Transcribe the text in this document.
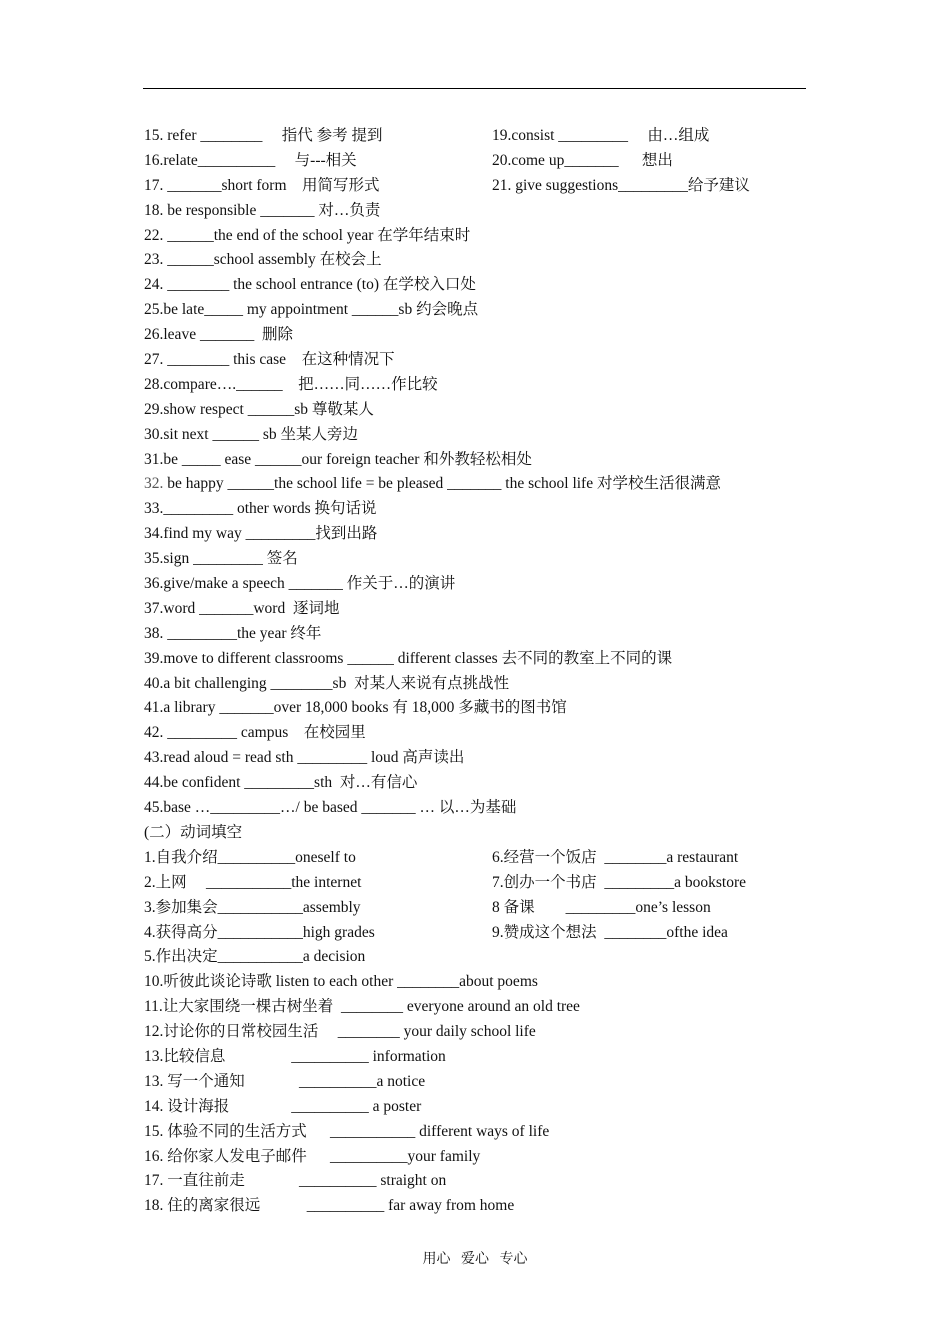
15. refer ________     指代 参考 提到	19.consist _________     由…组成
16.relate__________     与---相关	20.come up_______      想出
17. _______short form    用简写形式	21. give suggestions_________给予建议
18. be responsible _______ 对…负责
22. ______the end of the school year 在学年结束时
23. ______school assembly 在校会上
24. ________ the school entrance (to) 在学校入口处
25.be late_____ my appointment ______sb 约会晚点
26.leave _______  删除
27. ________ this case    在这种情况下
28.compare….______    把……同……作比较
29.show respect ______sb 尊敬某人
30.sit next ______ sb 坐某人旁边
31.be _____ ease ______our foreign teacher 和外教轻松相处
32. be happy ______the school life = be pleased _______ the school life 对学校生活很满意
33._________ other words 换句话说
34.find my way _________找到出路
35.sign _________ 签名
36.give/make a speech _______ 作关于…的演讲
37.word _______word  逐词地
38. _________the year 终年
39.move to different classrooms ______ different classes 去不同的教室上不同的课
40.a bit challenging ________sb  对某人来说有点挑战性
41.a library _______over 18,000 books 有 18,000 多藏书的图书馆
42. _________ campus    在校园里
43.read aloud = read sth _________ loud 高声读出
44.be confident _________sth  对…有信心
45.base …_________…/ be based _______ … 以…为基础
(二）动词填空
1.自我介绍__________oneself to	6.经营一个饭店  ________a restaurant
2.上网     ___________the internet	7.创办一个书店  _________a bookstore
3.参加集会___________assembly	8 备课        _________one’s lesson
4.获得高分___________high grades	9.赞成这个想法  ________ofthe idea
5.作出决定___________a decision
10.听彼此谈论诗歌 listen to each other ________about poems
11.让大家围绕一棵古树坐着  ________ everyone around an old tree
12.讨论你的日常校园生活     ________ your daily school life
13.比较信息                 __________ information
13. 写一个通知              __________a notice
14. 设计海报                __________ a poster
15. 体验不同的生活方式      ___________ different ways of life
16. 给你家人发电子邮件      __________your family
17. 一直往前走              __________ straight on
18. 住的离家很远            __________ far away from home
用心   爱心   专心
